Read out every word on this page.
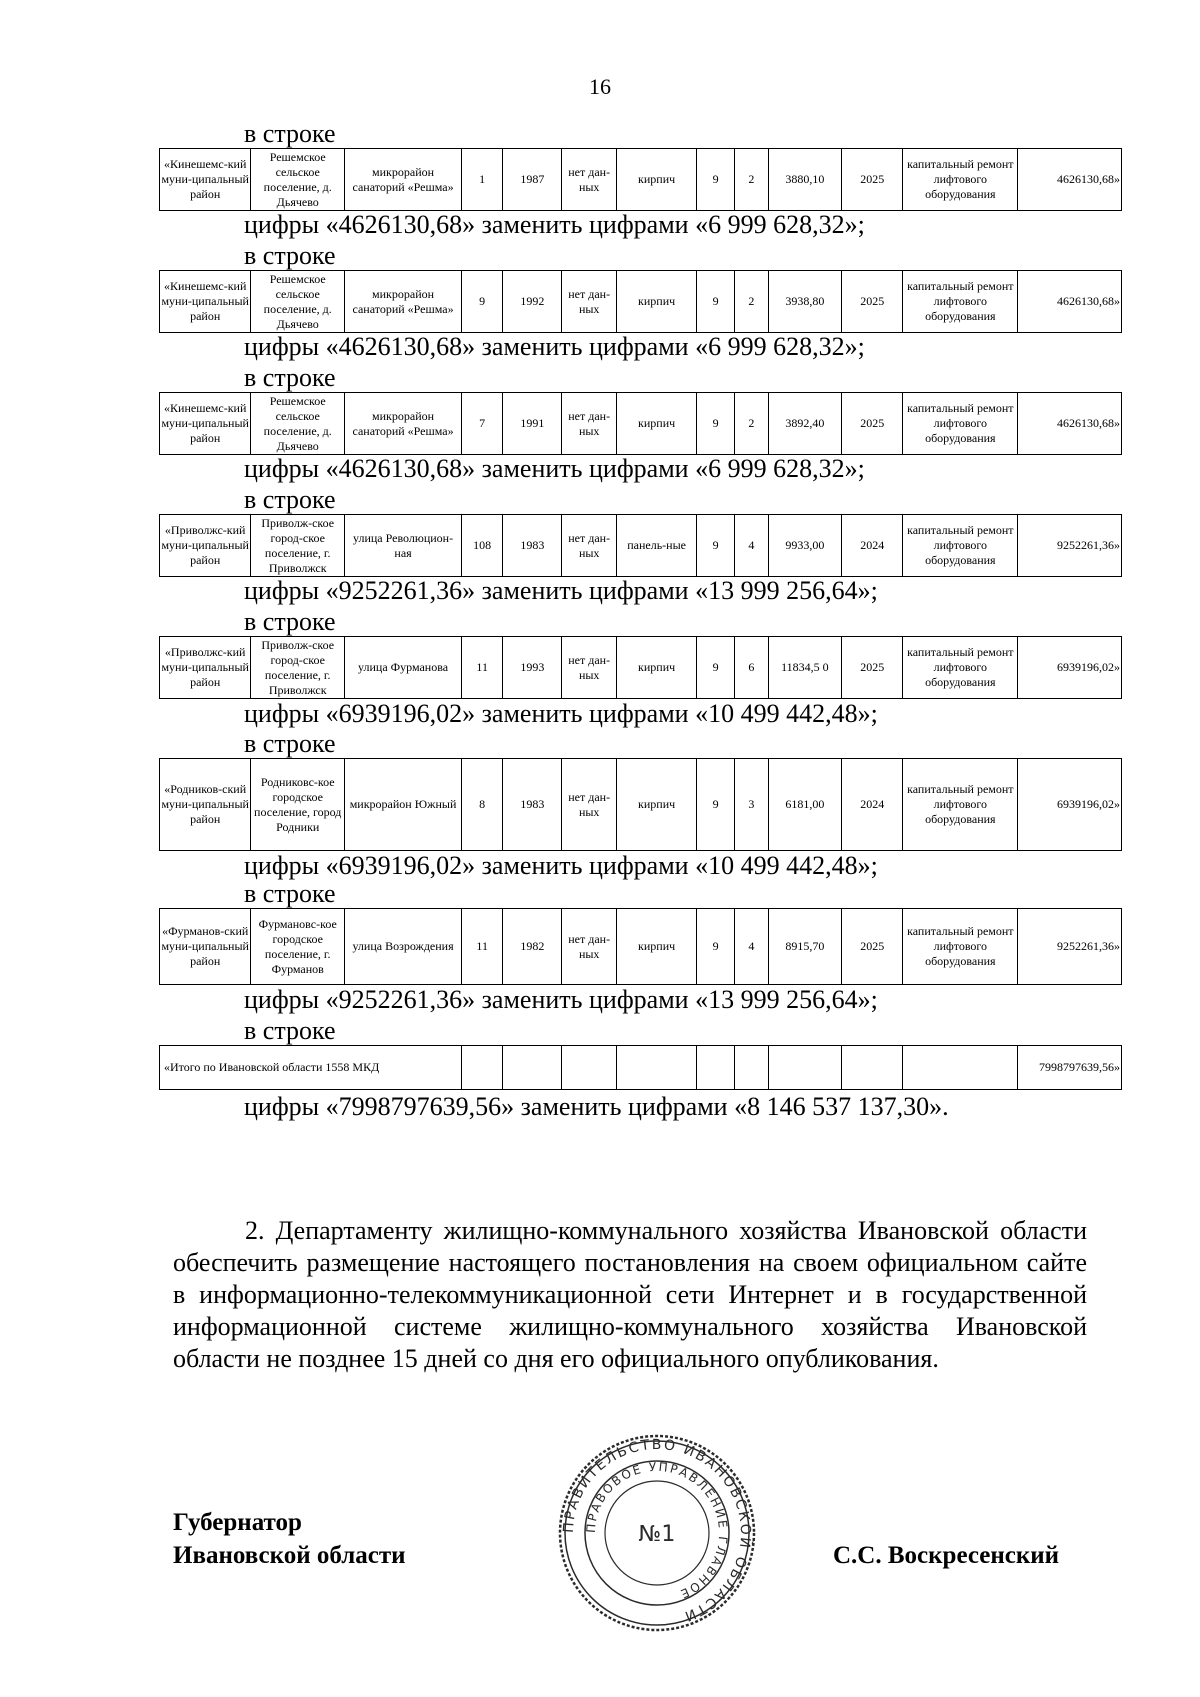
16
в строке
«Кинешемс-кий муни-ципальный район	Решемское сельское поселение, д. Дьячево	микрорайон санаторий «Решма»	1	1987	нет дан-ных	кирпич	9	2	3880,10	2025	капитальный ремонт лифтового оборудования	4626130,68»
цифры «4626130,68» заменить цифрами «6 999 628,32»;
в строке
«Кинешемс-кий муни-ципальный район	Решемское сельское поселение, д. Дьячево	микрорайон санаторий «Решма»	9	1992	нет дан-ных	кирпич	9	2	3938,80	2025	капитальный ремонт лифтового оборудования	4626130,68»
цифры «4626130,68» заменить цифрами «6 999 628,32»;
в строке
«Кинешемс-кий муни-ципальный район	Решемское сельское поселение, д. Дьячево	микрорайон санаторий «Решма»	7	1991	нет дан-ных	кирпич	9	2	3892,40	2025	капитальный ремонт лифтового оборудования	4626130,68»
цифры «4626130,68» заменить цифрами «6 999 628,32»;
в строке
«Приволжс-кий муни-ципальный район	Приволж-ское город-ское поселение, г. Приволжск	улица Революцион-ная	108	1983	нет дан-ных	панель-ные	9	4	9933,00	2024	капитальный ремонт лифтового оборудования	9252261,36»
цифры «9252261,36» заменить цифрами «13 999 256,64»;
в строке
«Приволжс-кий муни-ципальный район	Приволж-ское город-ское поселение, г. Приволжск	улица Фурманова	11	1993	нет дан-ных	кирпич	9	6	11834,5 0	2025	капитальный ремонт лифтового оборудования	6939196,02»
цифры «6939196,02» заменить цифрами «10 499 442,48»;
в строке
«Родников-ский муни-ципальный район	Родниковс-кое городское поселение, город Родники	микрорайон Южный	8	1983	нет дан-ных	кирпич	9	3	6181,00	2024	капитальный ремонт лифтового оборудования	6939196,02»
цифры «6939196,02» заменить цифрами «10 499 442,48»;
в строке
«Фурманов-ский муни-ципальный район	Фурмановс-кое городское поселение, г. Фурманов	улица Возрождения	11	1982	нет дан-ных	кирпич	9	4	8915,70	2025	капитальный ремонт лифтового оборудования	9252261,36»
цифры «9252261,36» заменить цифрами «13 999 256,64»;
в строке
«Итого по Ивановской области 1558 МКД										7998797639,56»
цифры «7998797639,56» заменить цифрами «8 146 537 137,30».
2. Департаменту жилищно-коммунального хозяйства Ивановской области обеспечить размещение настоящего постановления на своем официальном сайте в информационно-телекоммуникационной сети Интернет и в государственной информационной системе жилищно-коммунального хозяйства Ивановской области не позднее 15 дней со дня его официального опубликования.
Губернатор
Ивановской области	С.С. Воскресенский
ПРАВИТЕЛЬСТВО ИВАНОВСКОЙ ОБЛАСТИ
ПРАВОВОЕ УПРАВЛЕНИЕ ГЛАВНОЕ
№1
